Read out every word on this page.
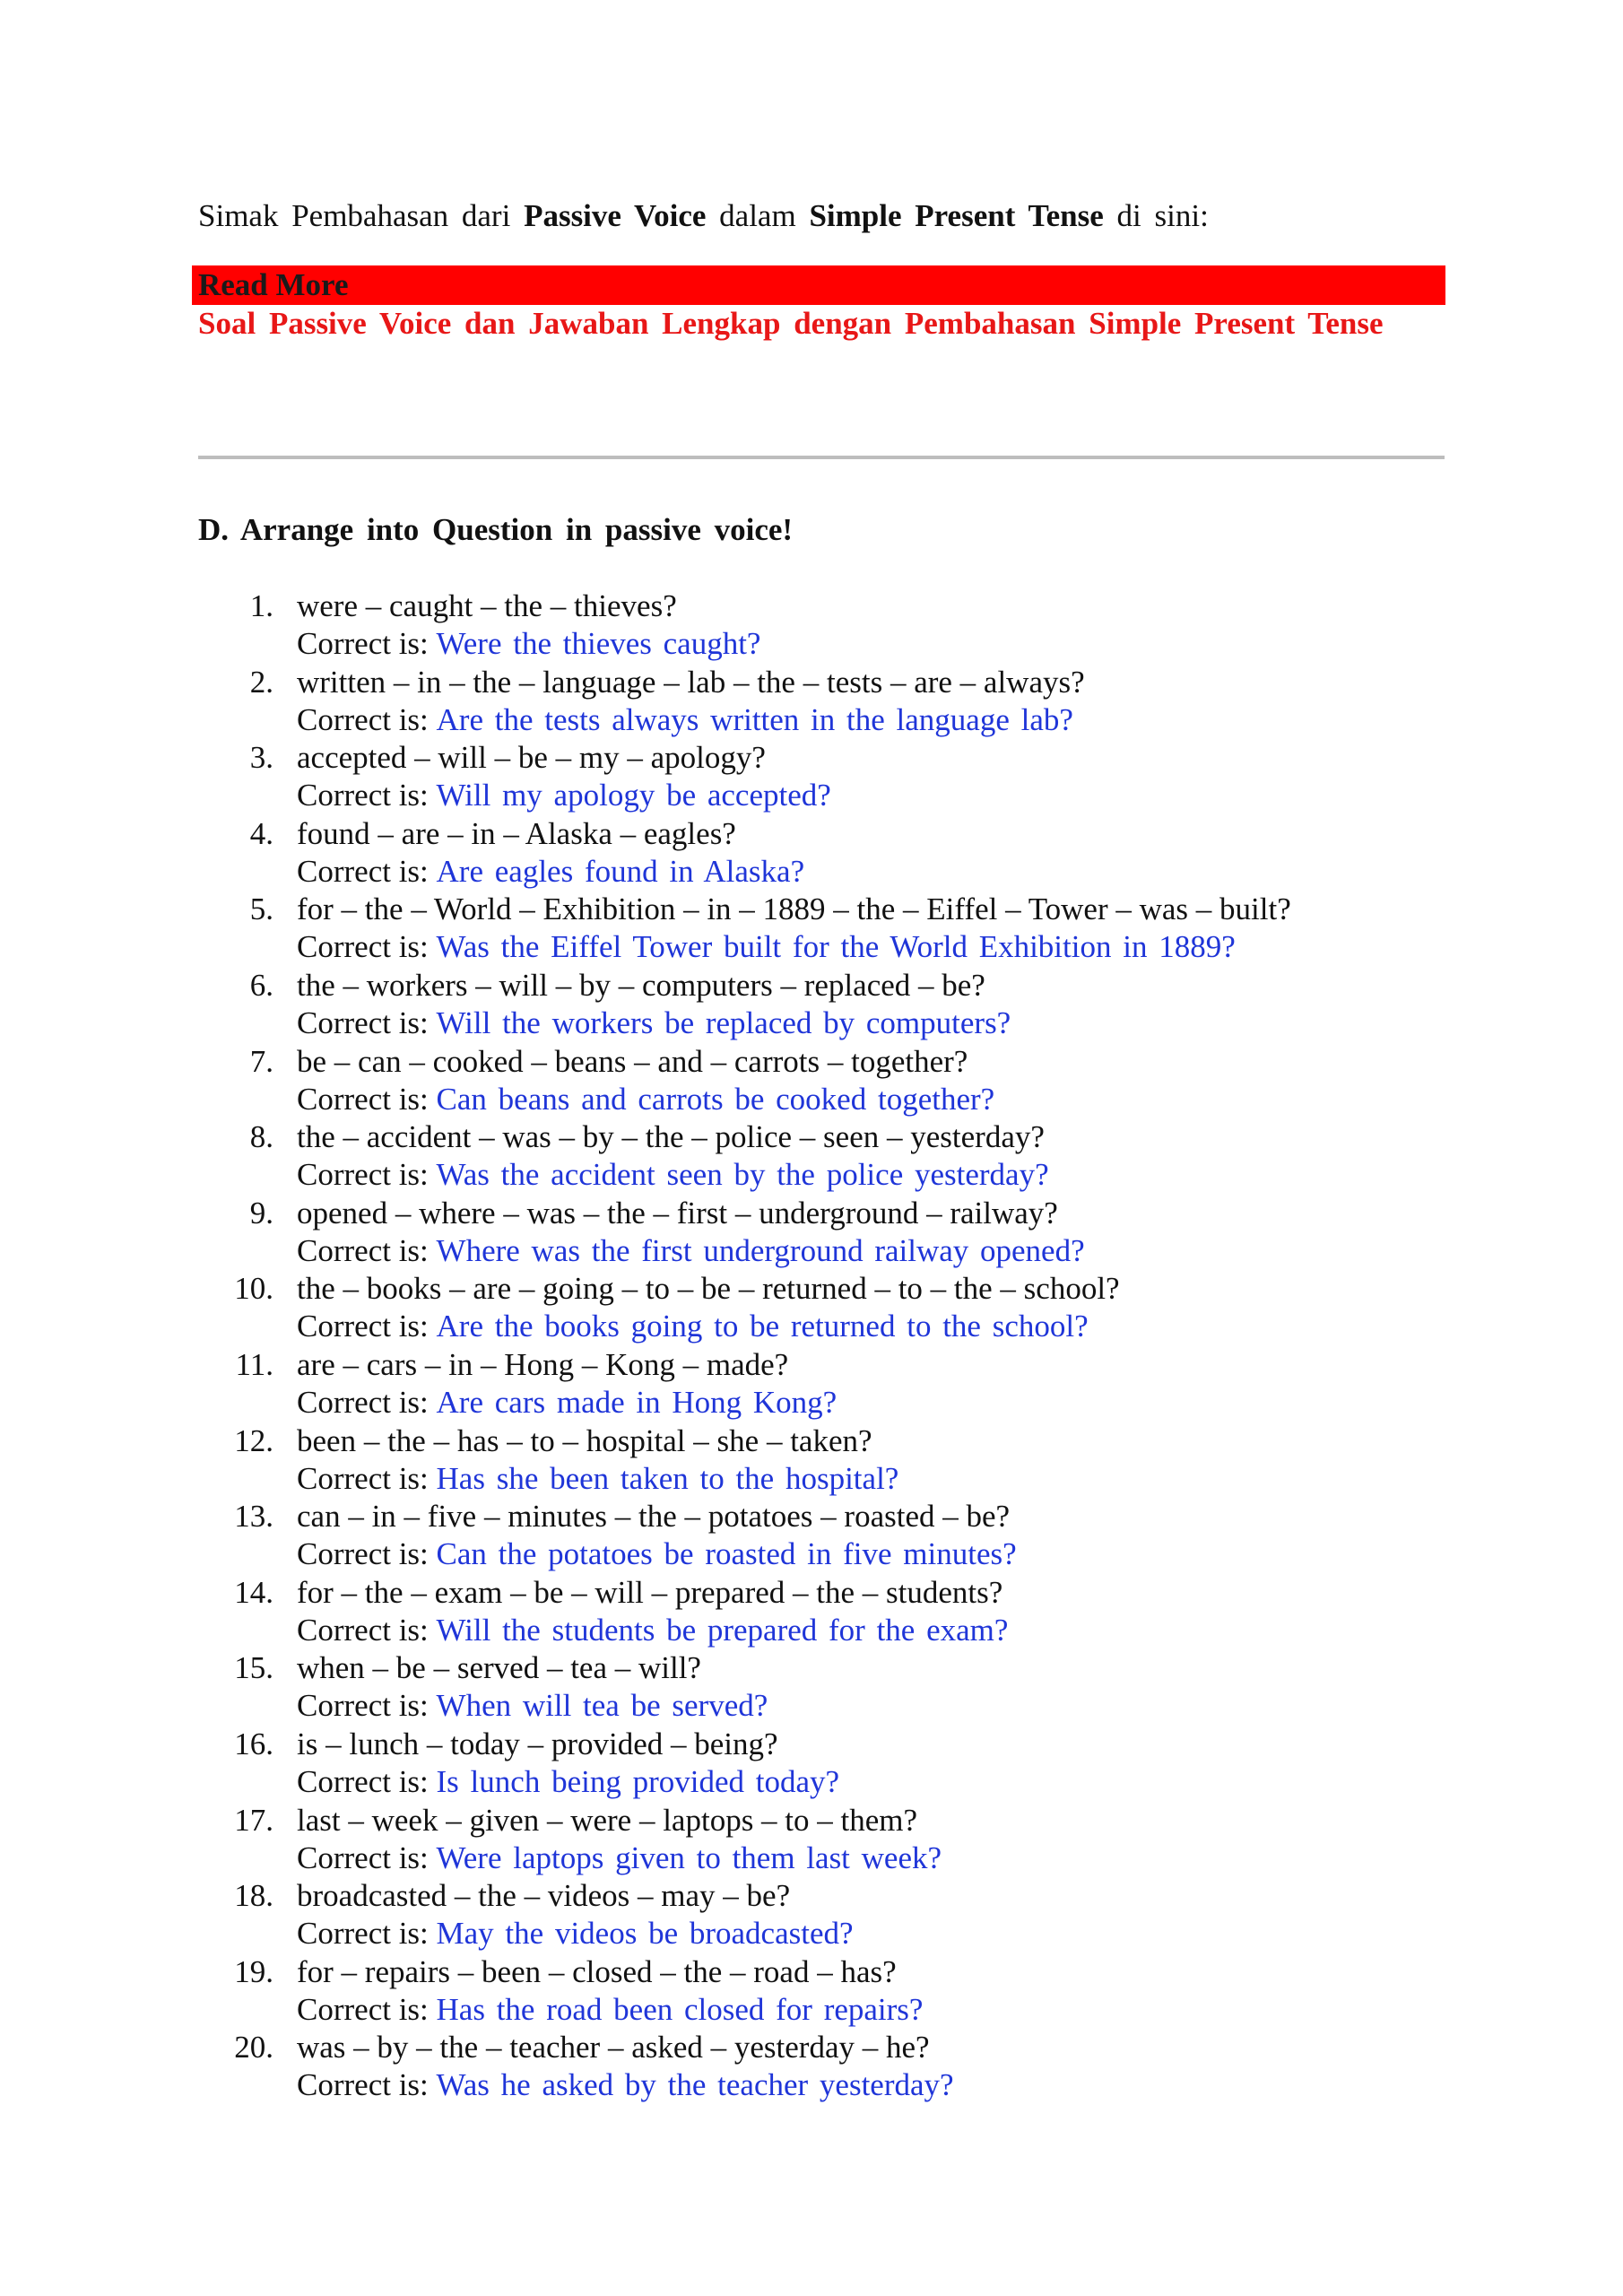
Simak Pembahasan dari Passive Voice dalam Simple Present Tense di sini:
Read More
Soal Passive Voice dan Jawaban Lengkap dengan Pembahasan Simple Present Tense
D. Arrange into Question in passive voice!
1. were – caught – the – thieves?
Correct is: Were the thieves caught?
2. written – in – the – language – lab – the – tests – are – always?
Correct is: Are the tests always written in the language lab?
3. accepted – will – be – my – apology?
Correct is: Will my apology be accepted?
4. found – are – in – Alaska – eagles?
Correct is: Are eagles found in Alaska?
5. for – the – World – Exhibition – in – 1889 – the – Eiffel – Tower – was – built?
Correct is: Was the Eiffel Tower built for the World Exhibition in 1889?
6. the – workers – will – by – computers – replaced – be?
Correct is: Will the workers be replaced by computers?
7. be – can – cooked – beans – and – carrots – together?
Correct is: Can beans and carrots be cooked together?
8. the – accident – was – by – the – police – seen – yesterday?
Correct is: Was the accident seen by the police yesterday?
9. opened – where – was – the – first – underground – railway?
Correct is: Where was the first underground railway opened?
10. the – books – are – going – to – be – returned – to – the – school?
Correct is: Are the books going to be returned to the school?
11. are – cars – in – Hong – Kong – made?
Correct is: Are cars made in Hong Kong?
12. been – the – has – to – hospital – she – taken?
Correct is: Has she been taken to the hospital?
13. can – in – five – minutes – the – potatoes – roasted – be?
Correct is: Can the potatoes be roasted in five minutes?
14. for – the – exam – be – will – prepared – the – students?
Correct is: Will the students be prepared for the exam?
15. when – be – served – tea – will?
Correct is: When will tea be served?
16. is – lunch – today – provided – being?
Correct is: Is lunch being provided today?
17. last – week – given – were – laptops – to – them?
Correct is: Were laptops given to them last week?
18. broadcasted – the – videos – may – be?
Correct is: May the videos be broadcasted?
19. for – repairs – been – closed – the – road – has?
Correct is: Has the road been closed for repairs?
20. was – by – the – teacher – asked – yesterday – he?
Correct is: Was he asked by the teacher yesterday?
